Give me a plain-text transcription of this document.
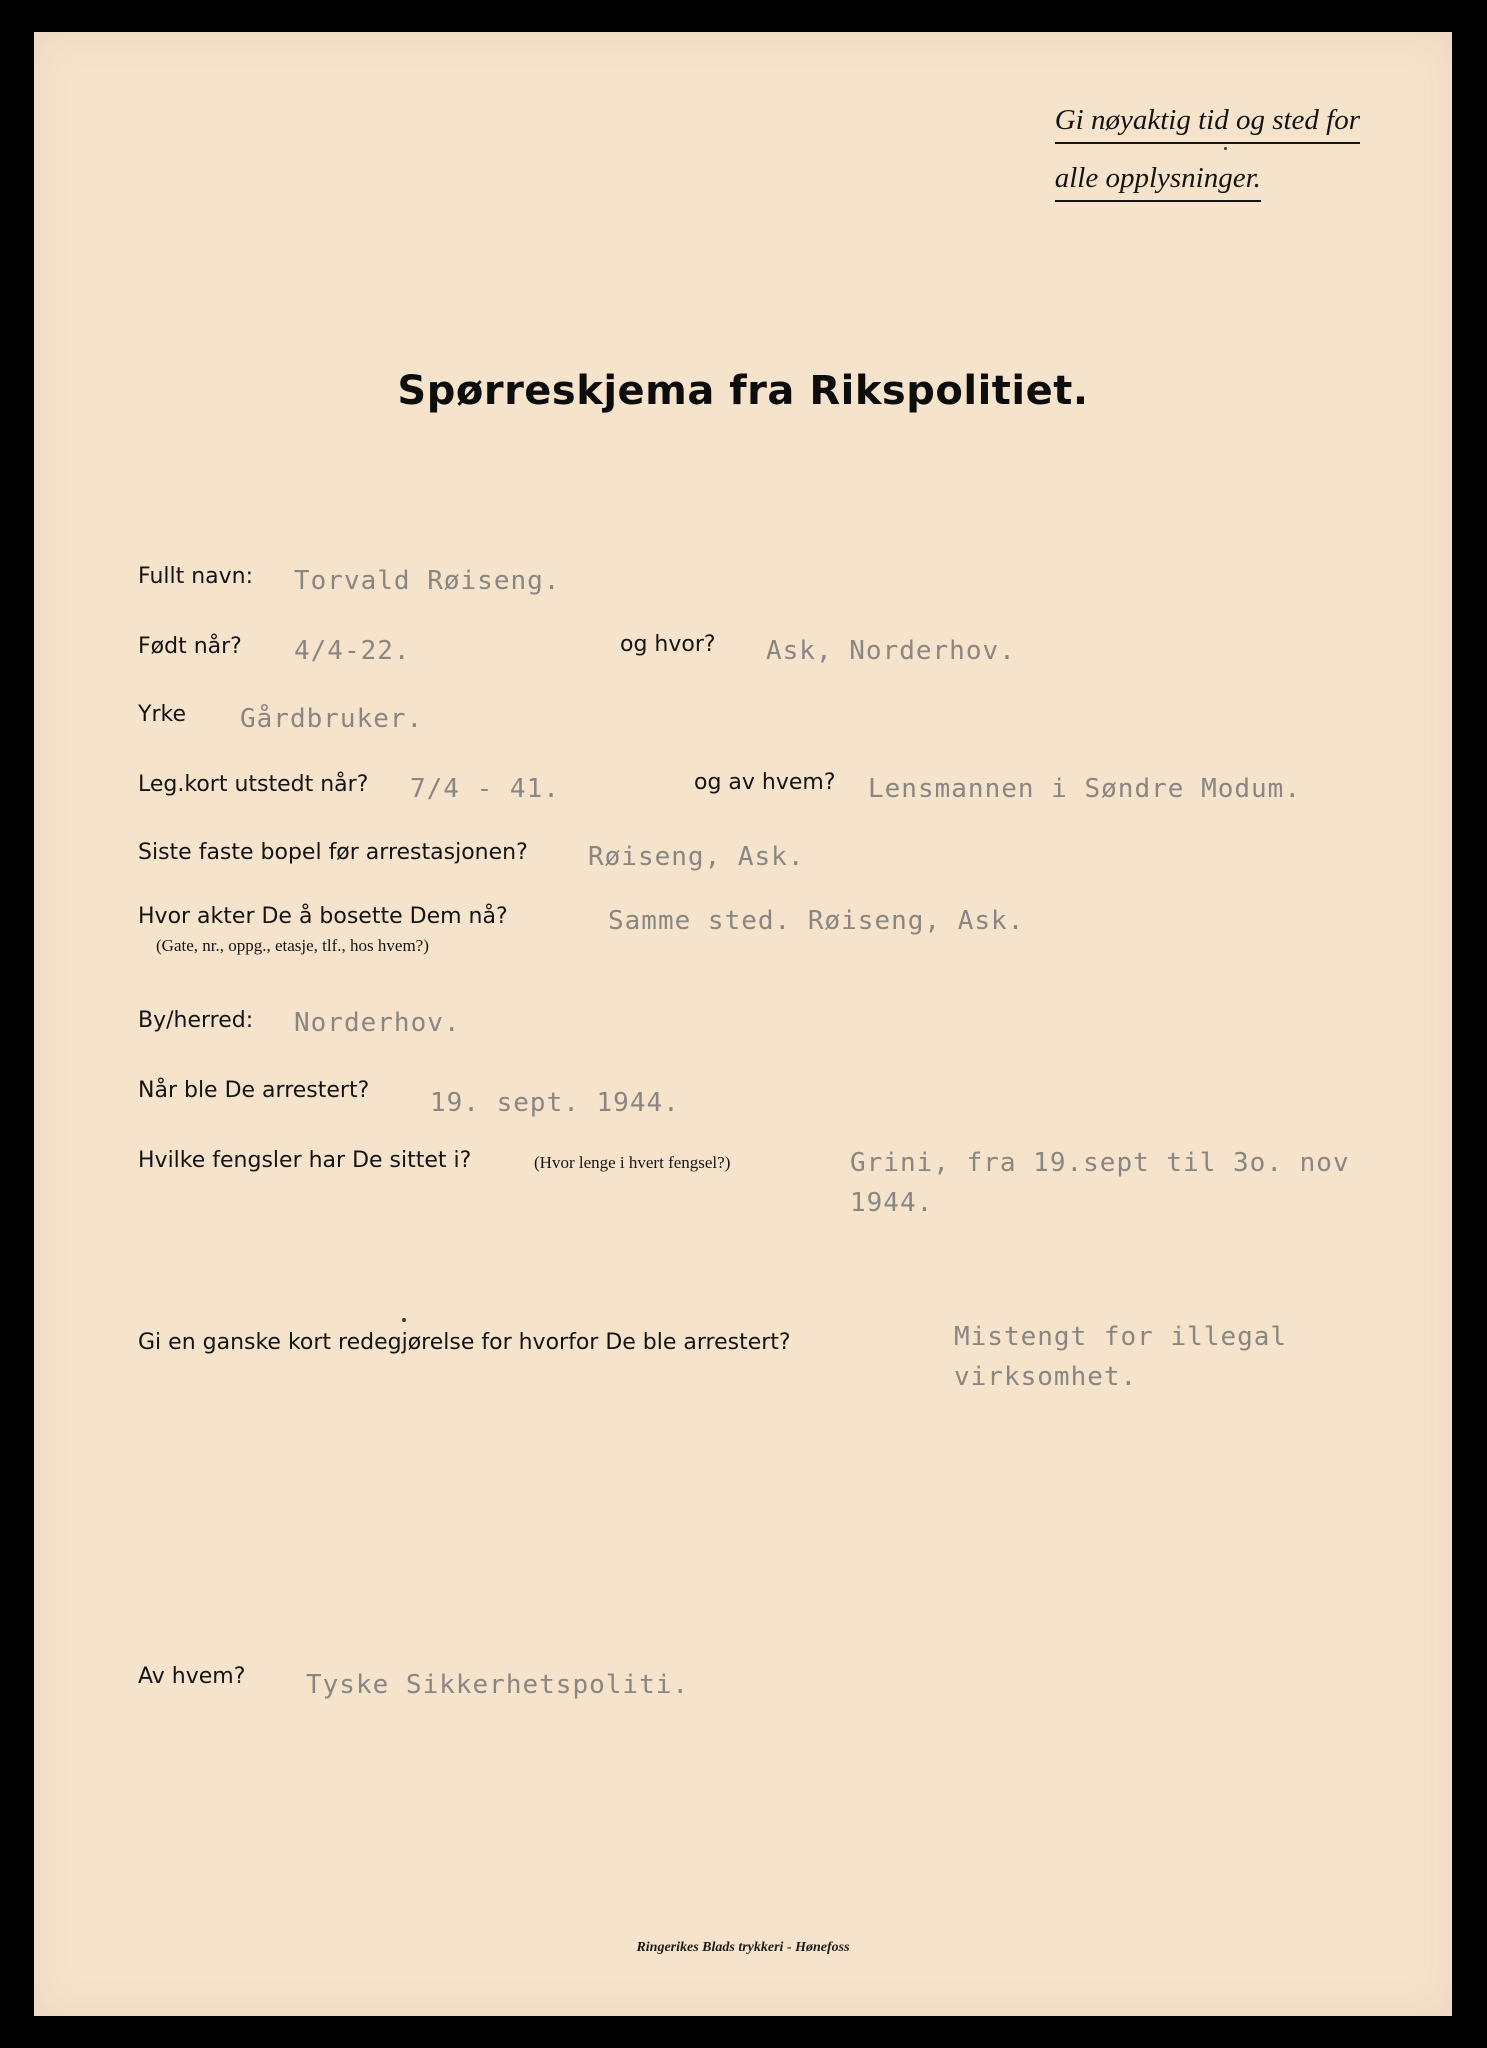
Gi nøyaktig tid og sted for
alle opplysninger.
Spørreskjema fra Rikspolitiet.
Fullt navn: Torvald Røiseng.
Født når? 4/4-22.	og hvor? Ask, Norderhov.
Yrke Gårdbruker.
Leg.kort utstedt når? 7/4 - 41.	og av hvem? Lensmannen i Søndre Modum.
Siste faste bopel før arrestasjonen? Røiseng, Ask.
Hvor akter De å bosette Dem nå?
(Gate, nr., oppg., etasje, tlf., hos hvem?)
Samme sted. Røiseng, Ask.
By/herred: Norderhov.
Når ble De arrestert? 19. sept. 1944.
Hvilke fengsler har De sittet i?	(Hvor lenge i hvert fengsel?)	Grini, fra 19.sept til 3o. nov
1944.
Gi en ganske kort redegjørelse for hvorfor De ble arrestert?	Mistengt for illegal
virksomhet.
Av hvem? Tyske Sikkerhetspoliti.
Ringerikes Blads trykkeri - Hønefoss
